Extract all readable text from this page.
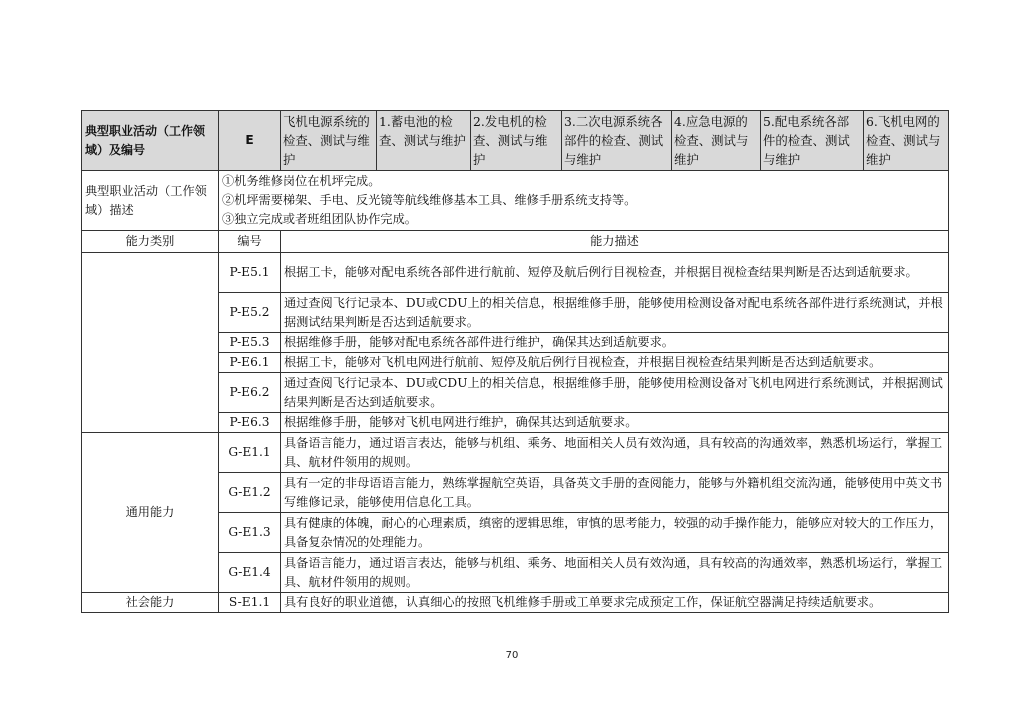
典型职业活动（工作领域）及编号	E	飞机电源系统的检查、测试与维护	1.蓄电池的检查、测试与维护	2.发电机的检查、测试与维护	3.二次电源系统各部件的检查、测试与维护	4.应急电源的检查、测试与维护	5.配电系统各部件的检查、测试与维护	6.飞机电网的检查、测试与维护
典型职业活动（工作领域）描述	①机务维修岗位在机坪完成。
②机坪需要梯架、手电、反光镜等航线维修基本工具、维修手册系统支持等。
③独立完成或者班组团队协作完成。							

能力类别	编号	能力描述						
	P-E5.1	根据工卡，能够对配电系统各部件进行航前、短停及航后例行目视检查，并根据目视检查结果判断是否达到适航要求。						
	P-E5.2	通过查阅飞行记录本、DU或CDU上的相关信息，根据维修手册，能够使用检测设备对配电系统各部件进行系统测试，并根据测试结果判断是否达到适航要求。						
	P-E5.3	根据维修手册，能够对配电系统各部件进行维护，确保其达到适航要求。						
	P-E6.1	根据工卡，能够对飞机电网进行航前、短停及航后例行目视检查，并根据目视检查结果判断是否达到适航要求。						
	P-E6.2	通过查阅飞行记录本、DU或CDU上的相关信息，根据维修手册，能够使用检测设备对飞机电网进行系统测试，并根据测试结果判断是否达到适航要求。						
	P-E6.3	根据维修手册，能够对飞机电网进行维护，确保其达到适航要求。						
通用能力	G-E1.1	具备语言能力，通过语言表达，能够与机组、乘务、地面相关人员有效沟通，具有较高的沟通效率，熟悉机场运行，掌握工具、航材件领用的规则。						
	G-E1.2	具有一定的非母语语言能力，熟练掌握航空英语，具备英文手册的查阅能力，能够与外籍机组交流沟通，能够使用中英文书写维修记录，能够使用信息化工具。						
	G-E1.3	具有健康的体魄，耐心的心理素质，缜密的逻辑思维，审慎的思考能力，较强的动手操作能力，能够应对较大的工作压力，具备复杂情况的处理能力。						
	G-E1.4	具备语言能力，通过语言表达，能够与机组、乘务、地面相关人员有效沟通，具有较高的沟通效率，熟悉机场运行，掌握工具、航材件领用的规则。						
社会能力	S-E1.1	具有良好的职业道德，认真细心的按照飞机维修手册或工单要求完成预定工作，保证航空器满足持续适航要求。						
70
